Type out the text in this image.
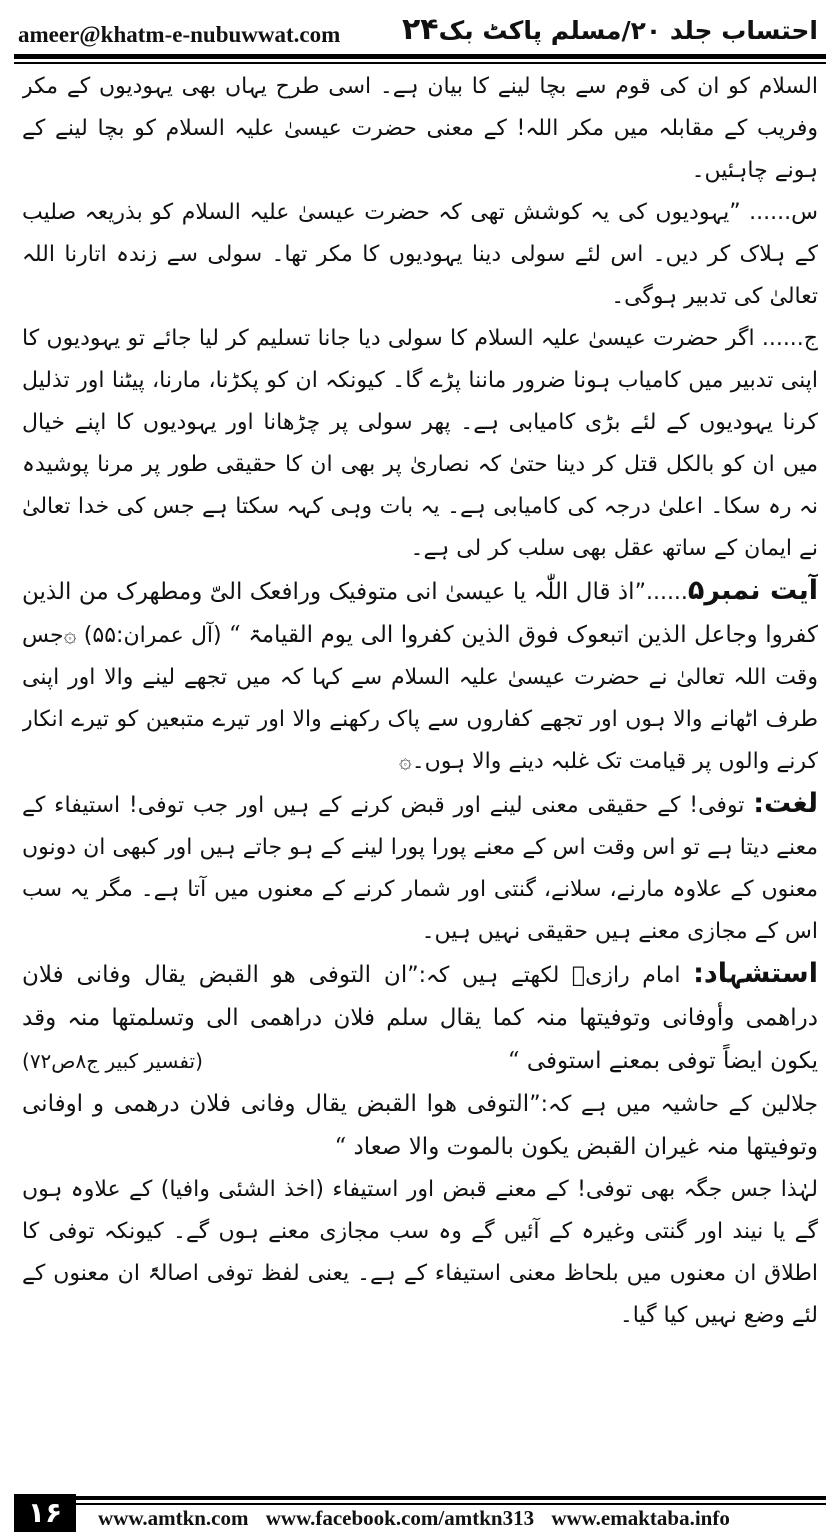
ameer@khatm-e-nubuwwat.com ۲۴ احتساب جلد ۲۰/مسلم پاکٹ بک

السلام کو ان کی قوم سے بچا لینے کا بیان ہے۔ اسی طرح یہاں بھی یہودیوں کے مکر وفریب کے مقابلہ میں مکر اللہ! کے معنی حضرت عیسیٰ علیہ السلام کو بچا لینے کے ہونے چاہئیں۔

س...... ”یہودیوں کی یہ کوشش تھی کہ حضرت عیسیٰ علیہ السلام کو بذریعہ صلیب کے ہلاک کر دیں۔ اس لئے سولی دینا یہودیوں کا مکر تھا۔ سولی سے زندہ اتارنا اللہ تعالیٰ کی تدبیر ہوگی۔

ج...... اگر حضرت عیسیٰ علیہ السلام کا سولی دیا جانا تسلیم کر لیا جائے تو یہودیوں کا اپنی تدبیر میں کامیاب ہونا ضرور ماننا پڑے گا۔ کیونکہ ان کو پکڑنا، مارنا، پیٹنا اور تذلیل کرنا یہودیوں کے لئے بڑی کامیابی ہے۔ پھر سولی پر چڑھانا اور یہودیوں کا اپنے خیال میں ان کو بالکل قتل کر دینا حتیٰ کہ نصاریٰ پر بھی ان کا حقیقی طور پر مرنا پوشیدہ نہ رہ سکا۔ اعلیٰ درجہ کی کامیابی ہے۔ یہ بات وہی کہہ سکتا ہے جس کی خدا تعالیٰ نے ایمان کے ساتھ عقل بھی سلب کر لی ہے۔

آیت نمبر۵......”اذ قال اللّٰہ یا عیسیٰ انی متوفیک ورافعک الیّ ومطھرک من الذین کفروا وجاعل الذین اتبعوک فوق الذین کفروا الی یوم القیامۃ “ (آل عمران:۵۵) ۞جس وقت اللہ تعالیٰ نے حضرت عیسیٰ علیہ السلام سے کہا کہ میں تجھے لینے والا اور اپنی طرف اٹھانے والا ہوں اور تجھے کفاروں سے پاک رکھنے والا اور تیرے متبعین کو تیرے انکار کرنے والوں پر قیامت تک غلبہ دینے والا ہوں۔۞

لغت: توفی! کے حقیقی معنی لینے اور قبض کرنے کے ہیں اور جب توفی! استیفاء کے معنے دیتا ہے تو اس وقت اس کے معنے پورا پورا لینے کے ہو جاتے ہیں اور کبھی ان دونوں معنوں کے علاوہ مارنے، سلانے، گنتی اور شمار کرنے کے معنوں میں آتا ہے۔ مگر یہ سب اس کے مجازی معنے ہیں حقیقی نہیں ہیں۔

استشہاد: امام رازیؒ لکھتے ہیں کہ:”ان التوفی ھو القبض یقال وفانی فلان دراھمی وأوفانی وتوفیتھا منہ کما یقال سلم فلان دراھمی الی وتسلمتھا منہ وقد یکون ایضاً توفی بمعنے استوفی “
(تفسیر کبیر ج۸ص۷۲)

جلالین کے حاشیہ میں ہے کہ:”التوفی ھوا القبض یقال وفانی فلان درھمی و اوفانی وتوفیتھا منہ غیران القبض یکون بالموت والا صعاد “

لہٰذا جس جگہ بھی توفی! کے معنے قبض اور استیفاء (اخذ الشئی وافیا) کے علاوہ ہوں گے یا نیند اور گنتی وغیرہ کے آئیں گے وہ سب مجازی معنے ہوں گے۔ کیونکہ توفی کا اطلاق ان معنوں میں بلحاظ معنی استیفاء کے ہے۔ یعنی لفظ توفی اصالۃً ان معنوں کے لئے وضع نہیں کیا گیا۔

۱۶	www.amtkn.com www.facebook.com/amtkn313 www.emaktaba.info
